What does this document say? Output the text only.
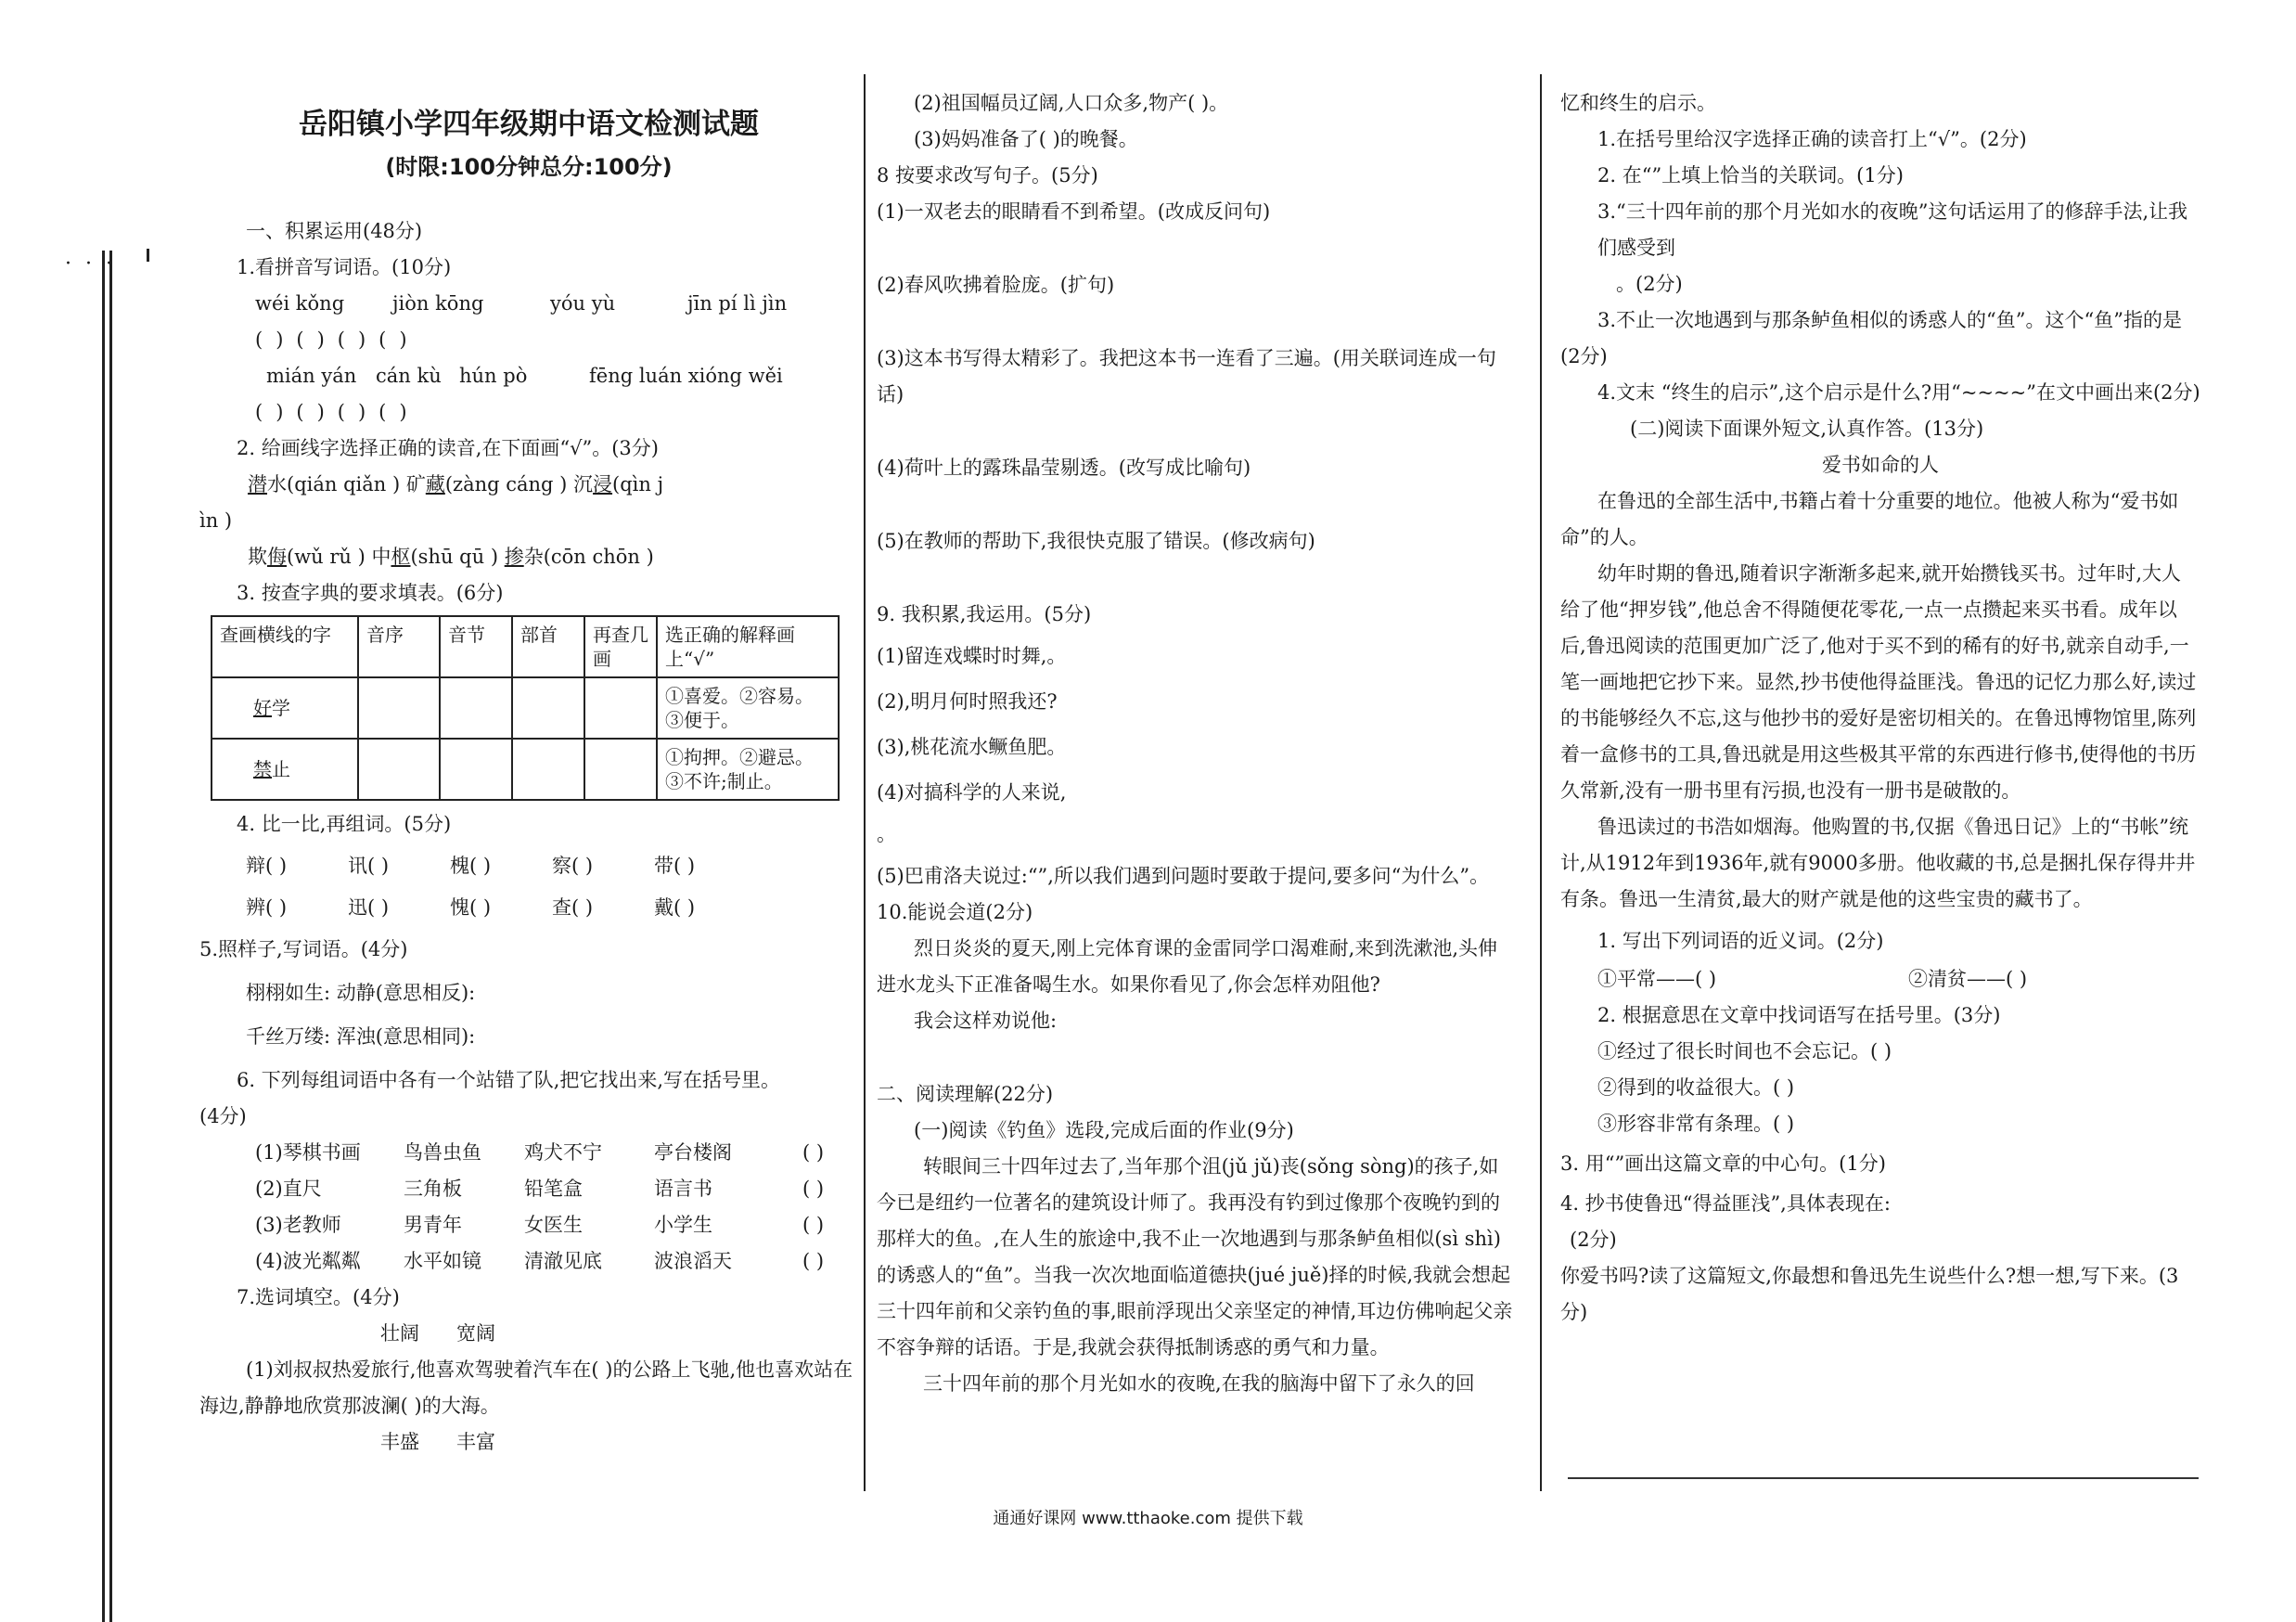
· · ·
岳阳镇小学四年级期中语文检测试题
(时限:100分钟总分:100分)
一、积累运用(48分)
1.看拼音写词语。(10分)
wéi kǒng jiòn kōng	yóu yù	jīn pí lì jìn
()()()()
mián yán cán kù hún pò	fēng luán xióng wěi
()()()()
2. 给画线字选择正确的读音,在下面画“√”。(3分)
潜水(qián qiǎn ) 矿藏(zàng cáng ) 沉浸(qìn j
ìn )
欺侮(wǔ rǔ ) 中枢(shū qū ) 掺杂(cōn chōn )
3. 按查字典的要求填表。(6分)
查画横线的字	音序	音节	部首	再查几画	选正确的解释画上“√”
好学					①喜爱。②容易。③便于。
禁止					①拘押。②避忌。③不许;制止。
4. 比一比,再组词。(5分)
辩( )	讯( )	槐( )	察( )	带( )
辨( )	迅( )	愧( )	查( )	戴( )
5.照样子,写词语。(4分)
栩栩如生: 动静(意思相反):
千丝万缕: 浑浊(意思相同):
6. 下列每组词语中各有一个站错了队,把它找出来,写在括号里。
(4分)
(1)琴棋书画	鸟兽虫鱼	鸡犬不宁	亭台楼阁	( )
(2)直尺	三角板	铅笔盒	语言书	( )
(3)老教师	男青年	女医生	小学生	( )
(4)波光粼粼	水平如镜	清澈见底	波浪滔天	( )
7.选词填空。(4分)
壮阔      宽阔
(1)刘叔叔热爱旅行,他喜欢驾驶着汽车在( )的公路上飞驰,他也喜欢站在海边,静静地欣赏那波澜( )的大海。
丰盛      丰富
(2)祖国幅员辽阔,人口众多,物产( )。
(3)妈妈准备了( )的晚餐。
8 按要求改写句子。(5分)
(1)一双老去的眼睛看不到希望。(改成反问句)
(2)春风吹拂着脸庞。(扩句)
(3)这本书写得太精彩了。我把这本书一连看了三遍。(用关联词连成一句话)
(4)荷叶上的露珠晶莹剔透。(改写成比喻句)
(5)在教师的帮助下,我很快克服了错误。(修改病句)
9. 我积累,我运用。(5分)
(1)留连戏蝶时时舞,。
(2),明月何时照我还?
(3),桃花流水鳜鱼肥。
(4)对搞科学的人来说,
。
(5)巴甫洛夫说过:“”,所以我们遇到问题时要敢于提问,要多问“为什么”。
10.能说会道(2分)
烈日炎炎的夏天,刚上完体育课的金雷同学口渴难耐,来到洗漱池,头伸进水龙头下正准备喝生水。如果你看见了,你会怎样劝阻他?
我会这样劝说他:
二、阅读理解(22分)
(一)阅读《钓鱼》选段,完成后面的作业(9分)
转眼间三十四年过去了,当年那个沮(jǔ jǔ)丧(sǒng sòng)的孩子,如今已是纽约一位著名的建筑设计师了。我再没有钓到过像那个夜晚钓到的那样大的鱼。,在人生的旅途中,我不止一次地遇到与那条鲈鱼相似(sì shì)的诱惑人的“鱼”。当我一次次地面临道德抉(jué juě)择的时候,我就会想起三十四年前和父亲钓鱼的事,眼前浮现出父亲坚定的神情,耳边仿佛响起父亲不容争辩的话语。于是,我就会获得抵制诱惑的勇气和力量。
三十四年前的那个月光如水的夜晚,在我的脑海中留下了永久的回
忆和终生的启示。
1.在括号里给汉字选择正确的读音打上“√”。(2分)
2. 在“”上填上恰当的关联词。(1分)
3.“三十四年前的那个月光如水的夜晚”这句话运用了的修辞手法,让我们感受到
。(2分)
3.不止一次地遇到与那条鲈鱼相似的诱惑人的“鱼”。这个“鱼”指的是(2分)
4.文末 “终生的启示”,这个启示是什么?用“~~~~”在文中画出来(2分)
(二)阅读下面课外短文,认真作答。(13分)
爱书如命的人
在鲁迅的全部生活中,书籍占着十分重要的地位。他被人称为“爱书如命”的人。
幼年时期的鲁迅,随着识字渐渐多起来,就开始攒钱买书。过年时,大人给了他“押岁钱”,他总舍不得随便花零花,一点一点攒起来买书看。成年以后,鲁迅阅读的范围更加广泛了,他对于买不到的稀有的好书,就亲自动手,一笔一画地把它抄下来。显然,抄书使他得益匪浅。鲁迅的记忆力那么好,读过的书能够经久不忘,这与他抄书的爱好是密切相关的。在鲁迅博物馆里,陈列着一盒修书的工具,鲁迅就是用这些极其平常的东西进行修书,使得他的书历久常新,没有一册书里有污损,也没有一册书是破散的。
鲁迅读过的书浩如烟海。他购置的书,仅据《鲁迅日记》上的“书帐”统计,从1912年到1936年,就有9000多册。他收藏的书,总是捆扎保存得井井有条。鲁迅一生清贫,最大的财产就是他的这些宝贵的藏书了。
1. 写出下列词语的近义词。(2分)
①平常——( )	②清贫——( )
2. 根据意思在文章中找词语写在括号里。(3分)
①经过了很长时间也不会忘记。( )
②得到的收益很大。( )
③形容非常有条理。( )
3. 用“”画出这篇文章的中心句。(1分)
4. 抄书使鲁迅“得益匪浅”,具体表现在:
(2分)
你爱书吗?读了这篇短文,你最想和鲁迅先生说些什么?想一想,写下来。(3分)
通通好课网 www.tthaoke.com 提供下载
